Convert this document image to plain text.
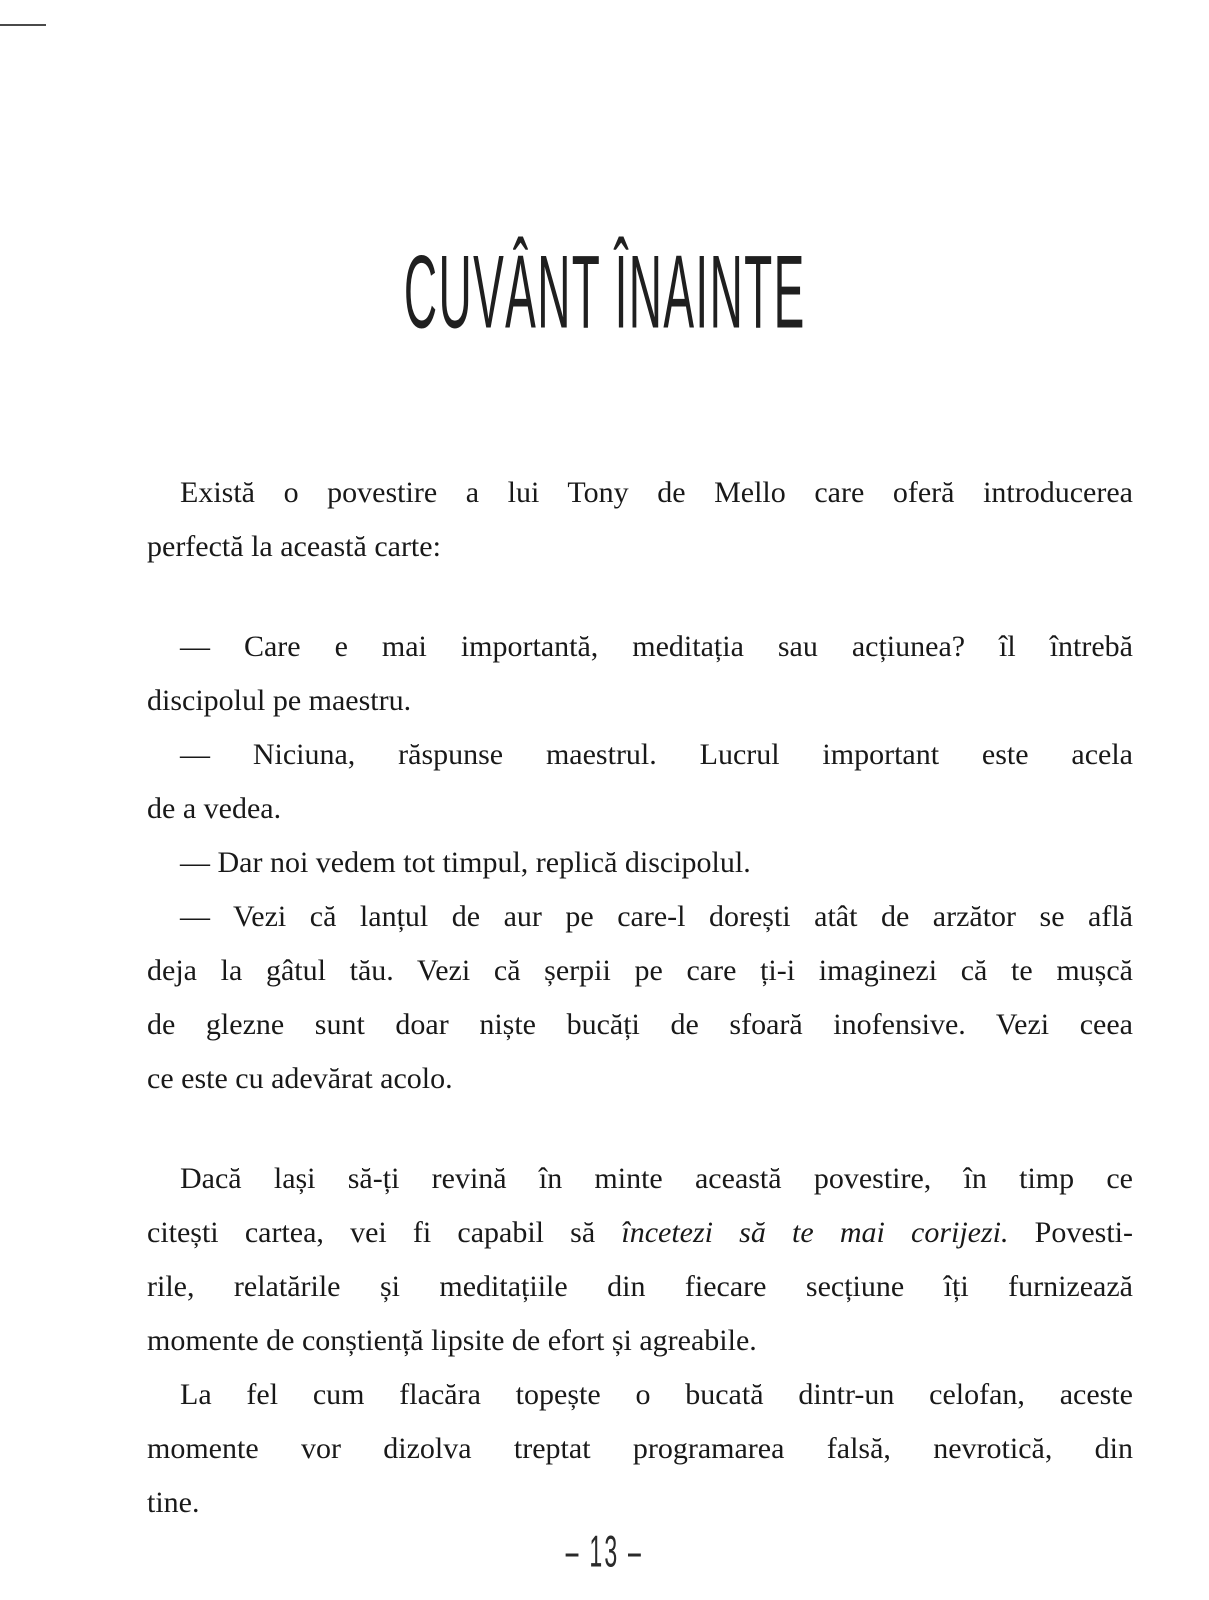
CUVÂNT ÎNAINTE
Există o povestire a lui Tony de Mello care oferă introducerea
perfectă la această carte:
— Care e mai importantă, meditația sau acțiunea? îl întrebă
discipolul pe maestru.
— Niciuna, răspunse maestrul. Lucrul important este acela
de a vedea.
— Dar noi vedem tot timpul, replică discipolul.
— Vezi că lanțul de aur pe care-l dorești atât de arzător se află
deja la gâtul tău. Vezi că șerpii pe care ți-i imaginezi că te mușcă
de glezne sunt doar niște bucăți de sfoară inofensive. Vezi ceea
ce este cu adevărat acolo.
Dacă lași să-ți revină în minte această povestire, în timp ce
citești cartea, vei fi capabil să încetezi să te mai corijezi. Povesti-
rile, relatările și meditațiile din fiecare secțiune îți furnizează
momente de conștiență lipsite de efort și agreabile.
La fel cum flacăra topește o bucată dintr-un celofan, aceste
momente vor dizolva treptat programarea falsă, nevrotică, din
tine.
– 13 –
